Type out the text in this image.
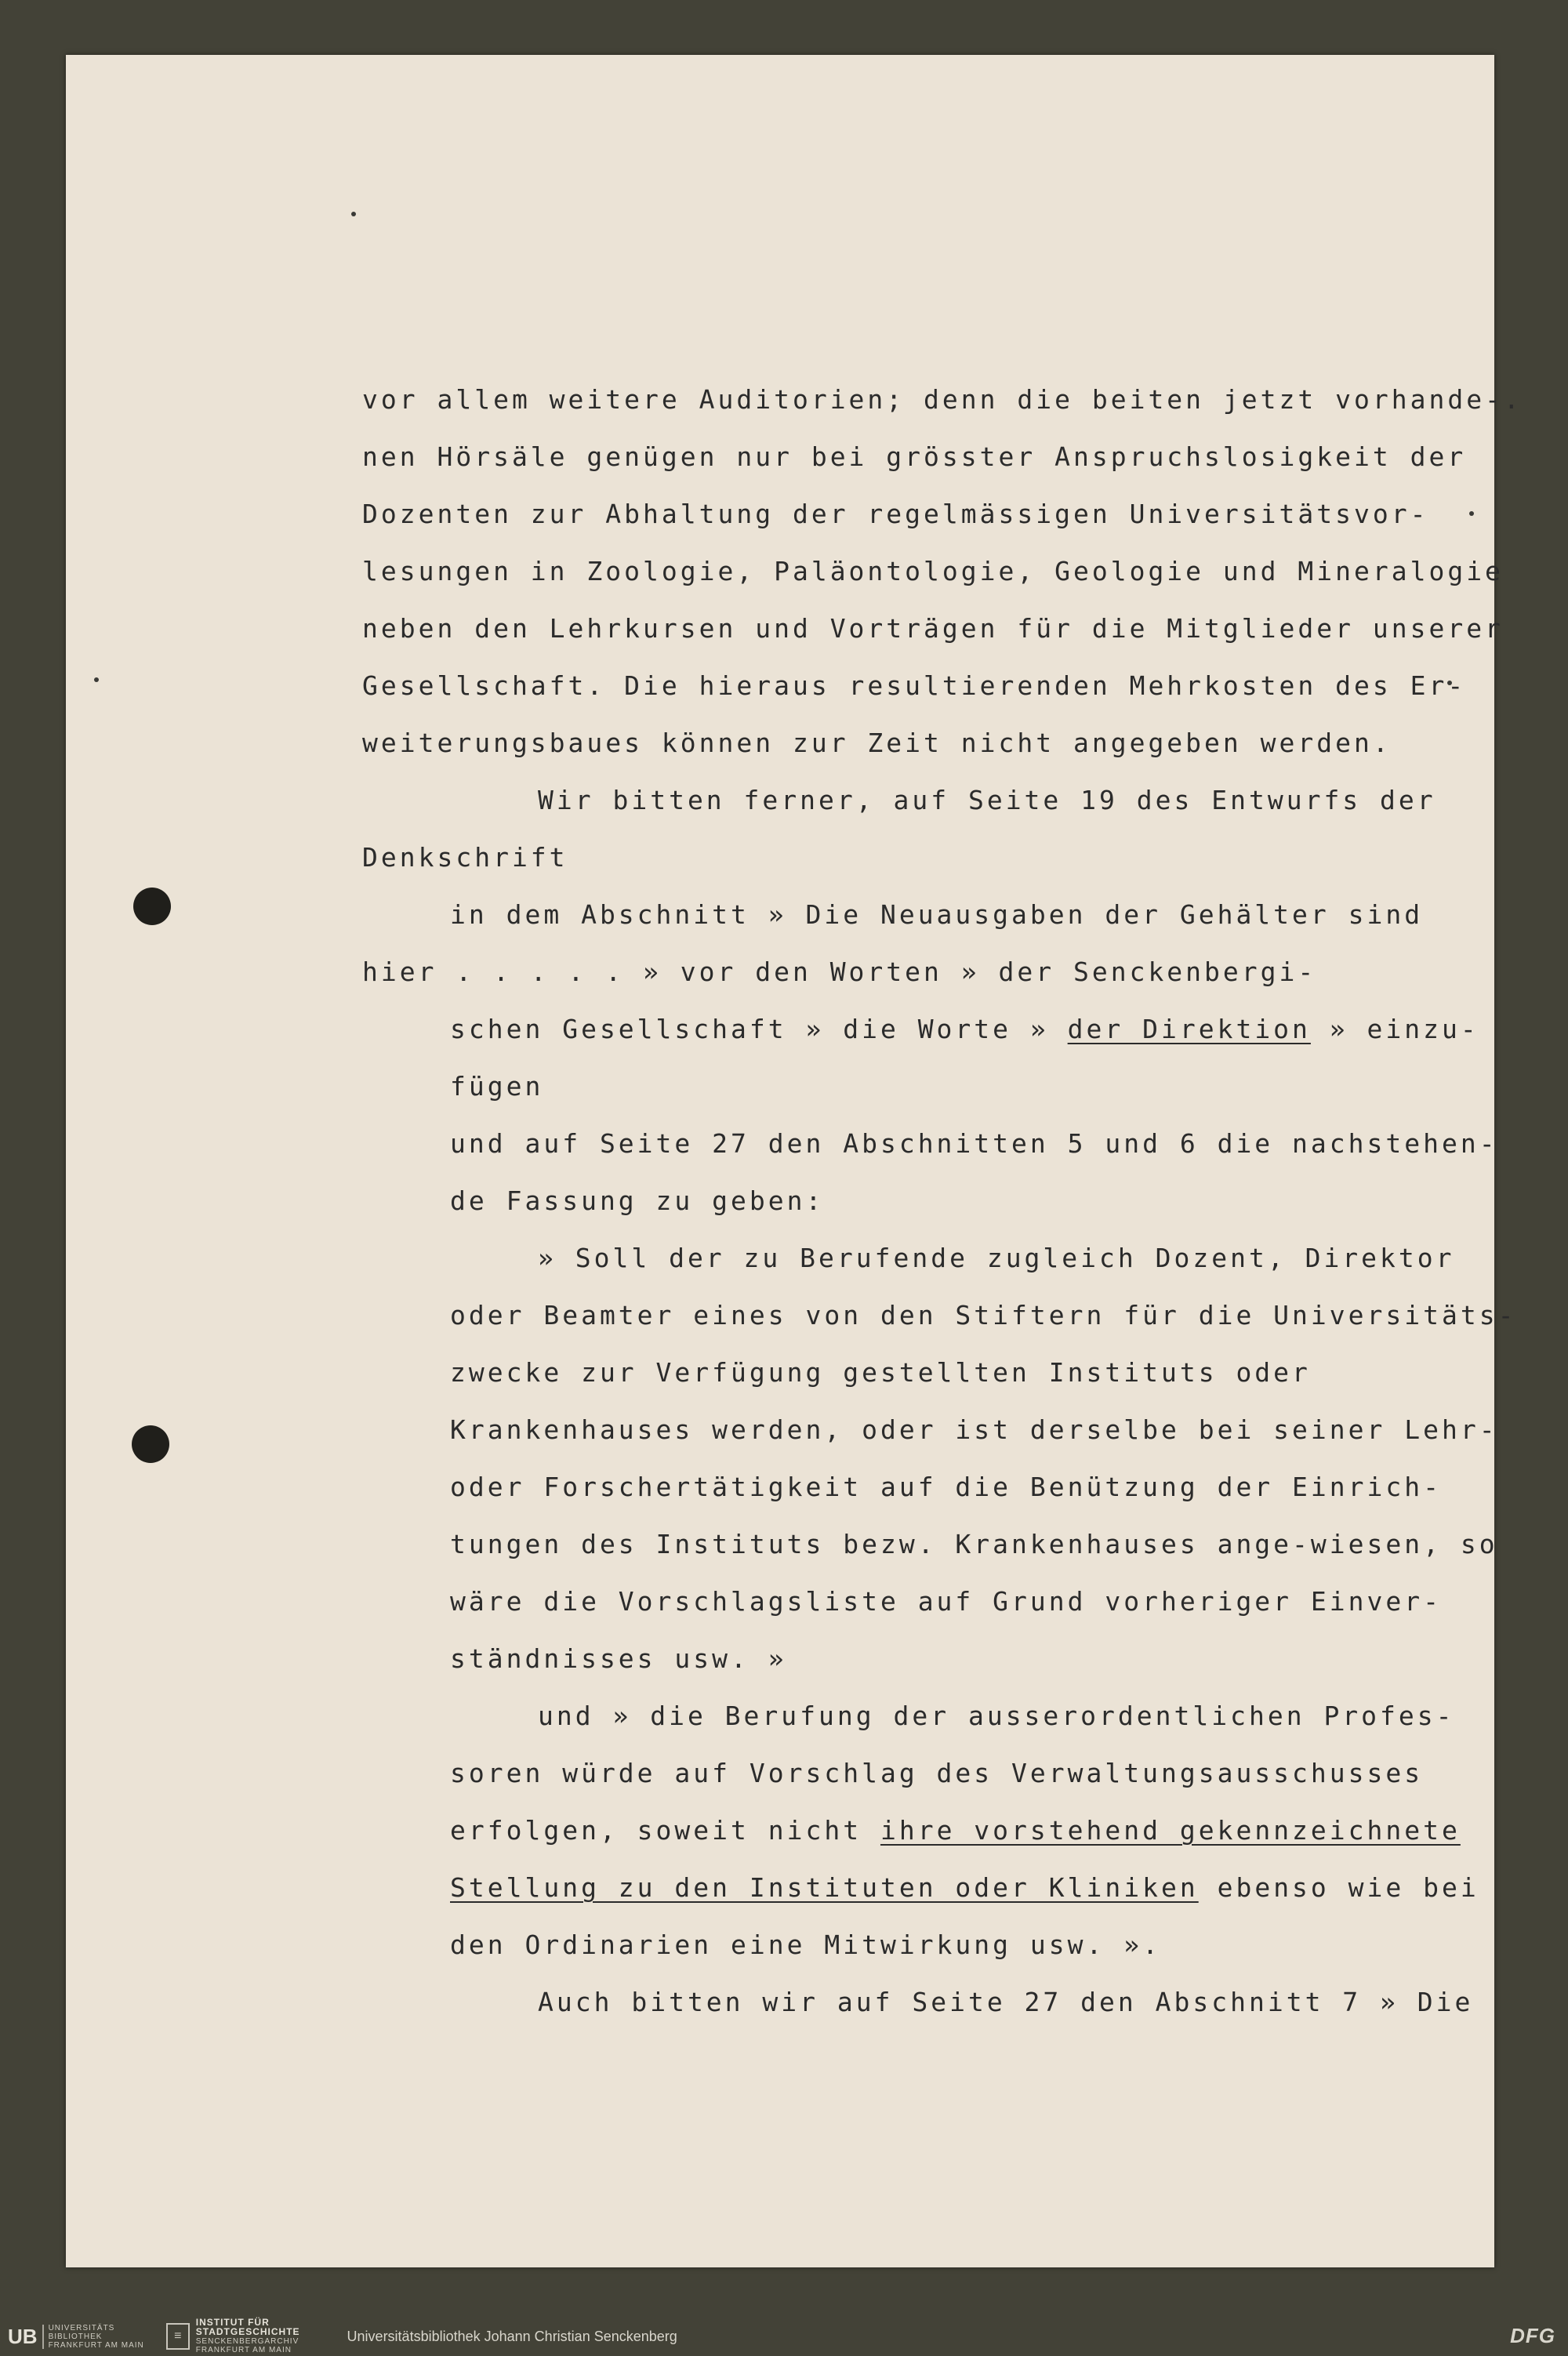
vor allem weitere Auditorien; denn die beiten jetzt vorhande-.
nen Hörsäle genügen nur bei grösster Anspruchslosigkeit der
Dozenten zur Abhaltung der regelmässigen Universitätsvor-
lesungen in Zoologie, Paläontologie, Geologie und Mineralogie
neben den Lehrkursen und Vorträgen für die Mitglieder unserer
Gesellschaft. Die hieraus resultierenden Mehrkosten des Er-
weiterungsbaues können zur Zeit nicht angegeben werden.
Wir bitten ferner, auf Seite 19 des Entwurfs der
Denkschrift
in dem Abschnitt » Die Neuausgaben der Gehälter sind
hier . . . . . » vor den Worten » der Senckenbergi-
schen Gesellschaft » die Worte » der Direktion » einzu-
fügen
und auf Seite 27 den Abschnitten 5 und 6 die nachstehen-
de Fassung zu geben:
» Soll der zu Berufende zugleich Dozent, Direktor
oder Beamter eines von den Stiftern für die Universitäts-
zwecke zur Verfügung gestellten Instituts oder
Krankenhauses werden, oder ist derselbe bei seiner Lehr-
oder Forschertätigkeit auf die Benützung der Einrich-
tungen des Instituts bezw. Krankenhauses ange-wiesen, so
wäre die Vorschlagsliste auf Grund vorheriger Einver-
ständnisses usw. »
und » die Berufung der ausserordentlichen Profes-
soren würde auf Vorschlag des Verwaltungsausschusses
erfolgen, soweit nicht ihre vorstehend gekennzeichnete
Stellung zu den Instituten oder Kliniken ebenso wie bei
den Ordinarien eine Mitwirkung usw. ».
Auch bitten wir auf Seite 27 den Abschnitt 7 » Die
UB	UNIVERSITÄTS
BIBLIOTHEK
FRANKFURT AM MAIN
≡
INSTITUT FÜR
STADTGESCHICHTE
SENCKENBERGARCHIV
FRANKFURT AM MAIN
Universitätsbibliothek Johann Christian Senckenberg	DFG
